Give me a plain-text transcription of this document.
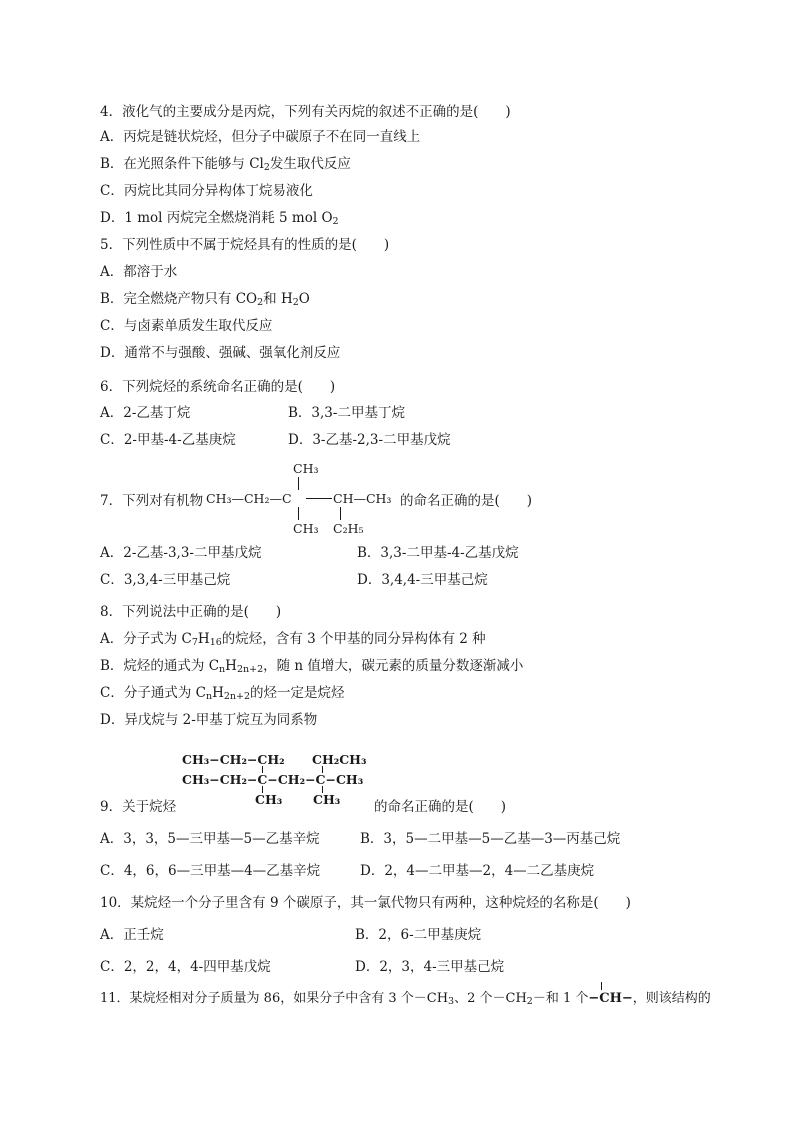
4．液化气的主要成分是丙烷，下列有关丙烷的叙述不正确的是(　　)
A．丙烷是链状烷烃，但分子中碳原子不在同一直线上
B．在光照条件下能够与 $Cl_2$发生取代反应
C．丙烷比其同分异构体丁烷易液化
D．1 mol 丙烷完全燃烧消耗 5 mol $O_2$
5．下列性质中不属于烷烃具有的性质的是(　　)
A．都溶于水
B．完全燃烧产物只有 $CO_2$和 $H_2O$
C．与卤素单质发生取代反应
D．通常不与强酸、强碱、强氧化剂反应
6．下列烷烃的系统命名正确的是(　　)
A．2-乙基丁烷	B．3,3-二甲基丁烷
C．2-甲基-4-乙基庚烷	D．3-乙基-2,3-二甲基戊烷
7．下列对有机物
CH₃
CH₃—CH₂—C	CH—CH₃
CH₃ C₂H₅
的命名正确的是(　　)
A．2-乙基-3,3-二甲基戊烷	B．3,3-二甲基-4-乙基戊烷
C．3,3,4-三甲基己烷	D．3,4,4-三甲基己烷
8．下列说法中正确的是(　　)
A．分子式为 $C_7H_{16}$的烷烃，含有 3 个甲基的同分异构体有 2 种
B．烷烃的通式为 $C_nH_{2n+2}$，随 n 值增大，碳元素的质量分数逐渐减小
C．分子通式为 $C_nH_{2n+2}$的烃一定是烷烃
D．异戊烷与 2-甲基丁烷互为同系物
CH₃−CH₂−CH₂ CH₂CH₃
CH₃−CH₂−C−CH₂−C−CH₃
CH₃ CH₃
9．关于烷烃	的命名正确的是(　　)
A．3，3，5—三甲基—5—乙基辛烷	B．3，5—二甲基—5—乙基—3—丙基己烷
C．4，6，6—三甲基—4—乙基辛烷	D．2，4—二甲基—2，4—二乙基庚烷
10．某烷烃一个分子里含有 9 个碳原子，其一氯代物只有两种，这种烷烃的名称是(　　)
A．正壬烷	B．2，6-二甲基庚烷
C．2，2，4，4-四甲基戊烷	D．2，3，4-三甲基己烷
11．某烷烃相对分子质量为 86，如果分子中含有 3 个$-CH_3$、2 个$-CH_2-$和 1 个
−CH−，则该结构的
